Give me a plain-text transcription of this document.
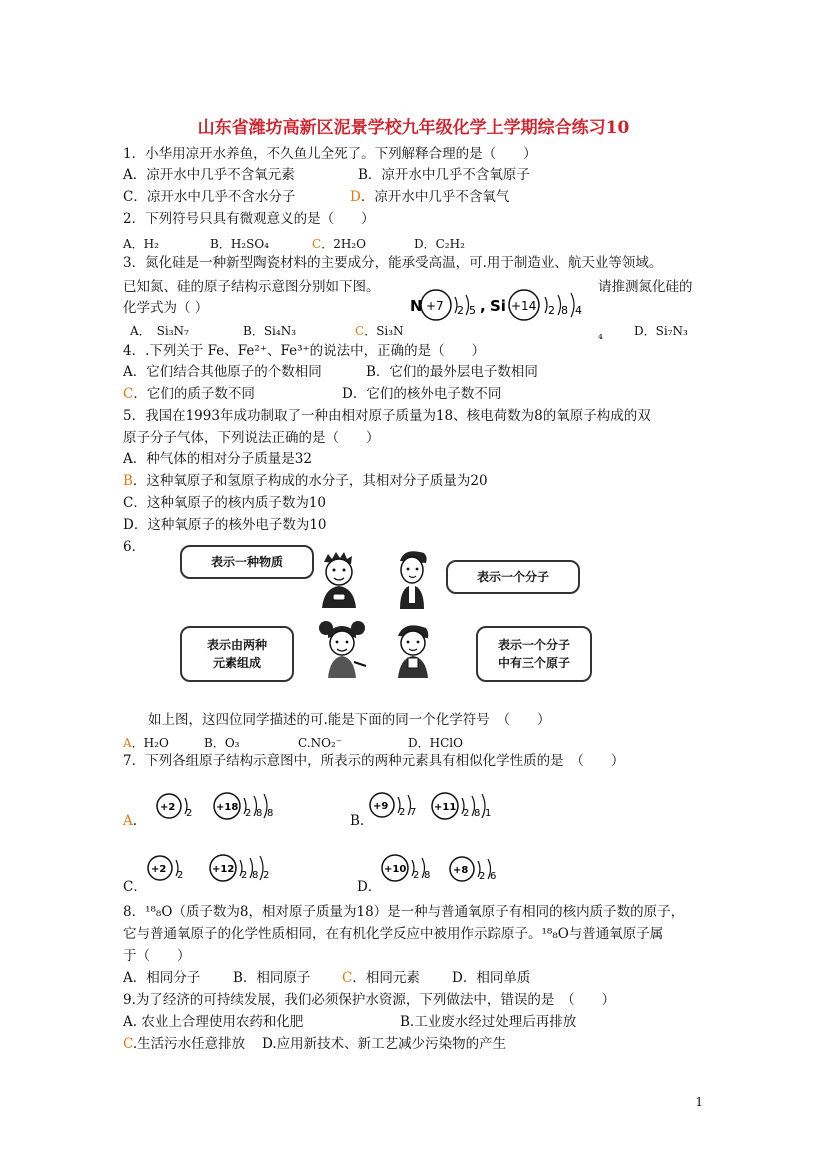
山东省潍坊高新区泥景学校九年级化学上学期综合练习10
1．小华用凉开水养鱼，不久鱼儿全死了。下列解释合理的是（　　）
A．凉开水中几乎不含氧元素	B．凉开水中几乎不含氧原子
C．凉开水中几乎不含水分子	D．凉开水中几乎不含氧气
2．下列符号只具有微观意义的是（　　）
A．H₂	B．H₂SO₄	C．2H₂O	D．C₂H₂
3．氮化硅是一种新型陶瓷材料的主要成分，能承受高温，可.用于制造业、航天业等领域。
已知氮、硅的原子结构示意图分别如下图。	请推测氮化硅的
化学式为（ ）	N +7 2 5 , Si +14 2 8 4
A．　Si₃N₇	B．Si₄N₃	C．Si₃N	₄	D．Si₇N₃
4．.下列关于 Fe、Fe²⁺、Fe³⁺的说法中，正确的是（　　）
A．它们结合其他原子的个数相同	B．它们的最外层电子数相同
C．它们的质子数不同	D．它们的核外电子数不同
5．我国在1993年成功制取了一种由相对原子质量为18、核电荷数为8的氧原子构成的双
原子分子气体，下列说法正确的是（　　）
A．种气体的相对分子质量是32
B．这种氧原子和氢原子构成的水分子，其相对分子质量为20
C．这种氧原子的核内质子数为10
D．这种氧原子的核外电子数为10
6．
表示一种物质
表示一个分子
表示由两种
元素组成
表示一个分子
中有三个原子
如上图，这四位同学描述的可.能是下面的同一个化学符号　（　　）
A．H₂O	B．O₃	C.NO₂⁻	D．HClO
7．下列各组原子结构示意图中，所表示的两种元素具有相似化学性质的是　（　　）
A.	B.
C．	D．
+2
2
+18
2 8 8
+9
2 7 +11
2 8 1
+2
2
+12
2 8 2
+10
2 8 +8
2 6
8．¹⁸₈O（质子数为8，相对原子质量为18）是一种与普通氧原子有相同的核内质子数的原子，
它与普通氧原子的化学性质相同，在有机化学反应中被用作示踪原子。¹⁸₈O与普通氧原子属
于（　　）
A．相同分子 B．相同原子 C．相同元素 D．相同单质
9.为了经济的可持续发展，我们必须保护水资源，下列做法中，错误的是　（　　）
A. 农业上合理使用农药和化肥	B.工业废水经过处理后再排放
C.生活污水任意排放 D.应用新技术、新工艺减少污染物的产生
1
